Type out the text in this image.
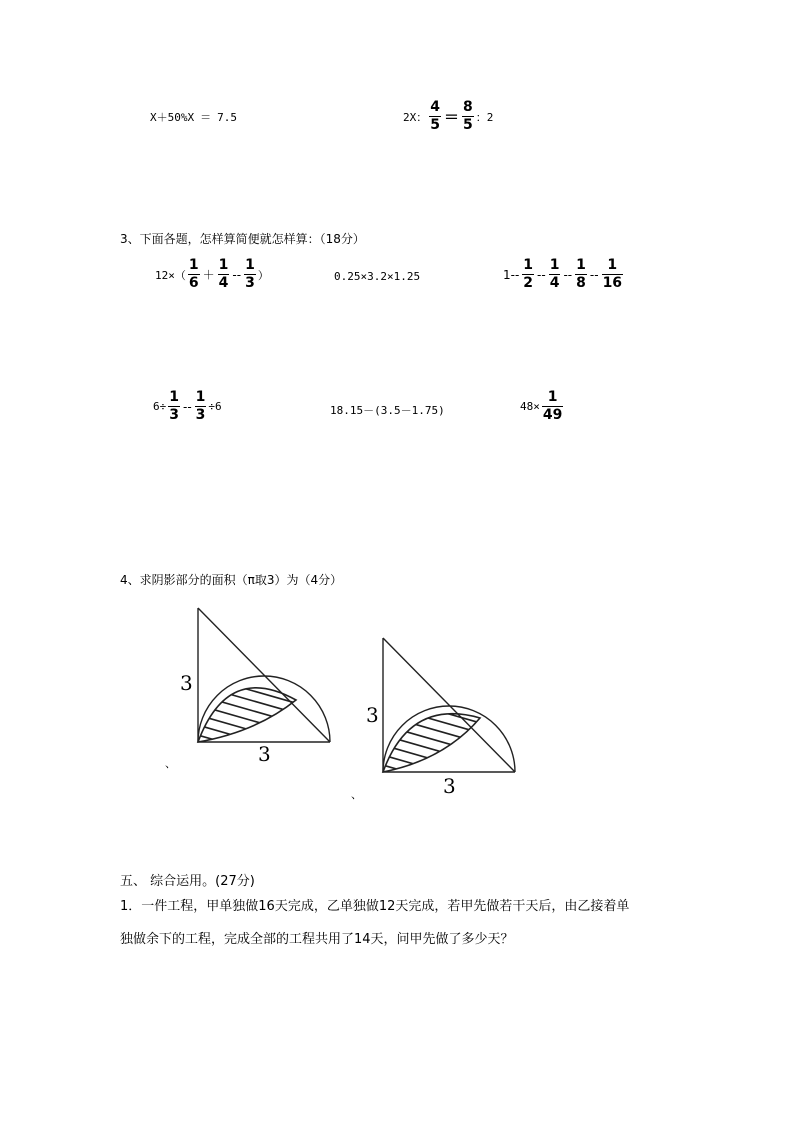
X＋50%X ＝ 7.5	2X： $\frac{4}{5} = \frac{8}{5}$ ：2
3、下面各题，怎样算简便就怎样算：（18分）
$12\times( \frac{1}{6} + \frac{1}{4} -- \frac{1}{3}$ ）	0.25×3.2×1.25	$1-- \frac{1}{2} -- \frac{1}{4} -- \frac{1}{8} -- \frac{1}{16}$
$6\div \frac{1}{3} -- \frac{1}{3} \div 6$	18.15－(3.5－1.75)	$48\times \frac{1}{49}$
4、求阴影部分的面积（π取3）为（4分）
3
3
、
3
3
、
五、 综合运用。(27分)
1．一件工程，甲单独做16天完成，乙单独做12天完成，若甲先做若干天后，由乙接着单
独做余下的工程，完成全部的工程共用了14天，问甲先做了多少天？
